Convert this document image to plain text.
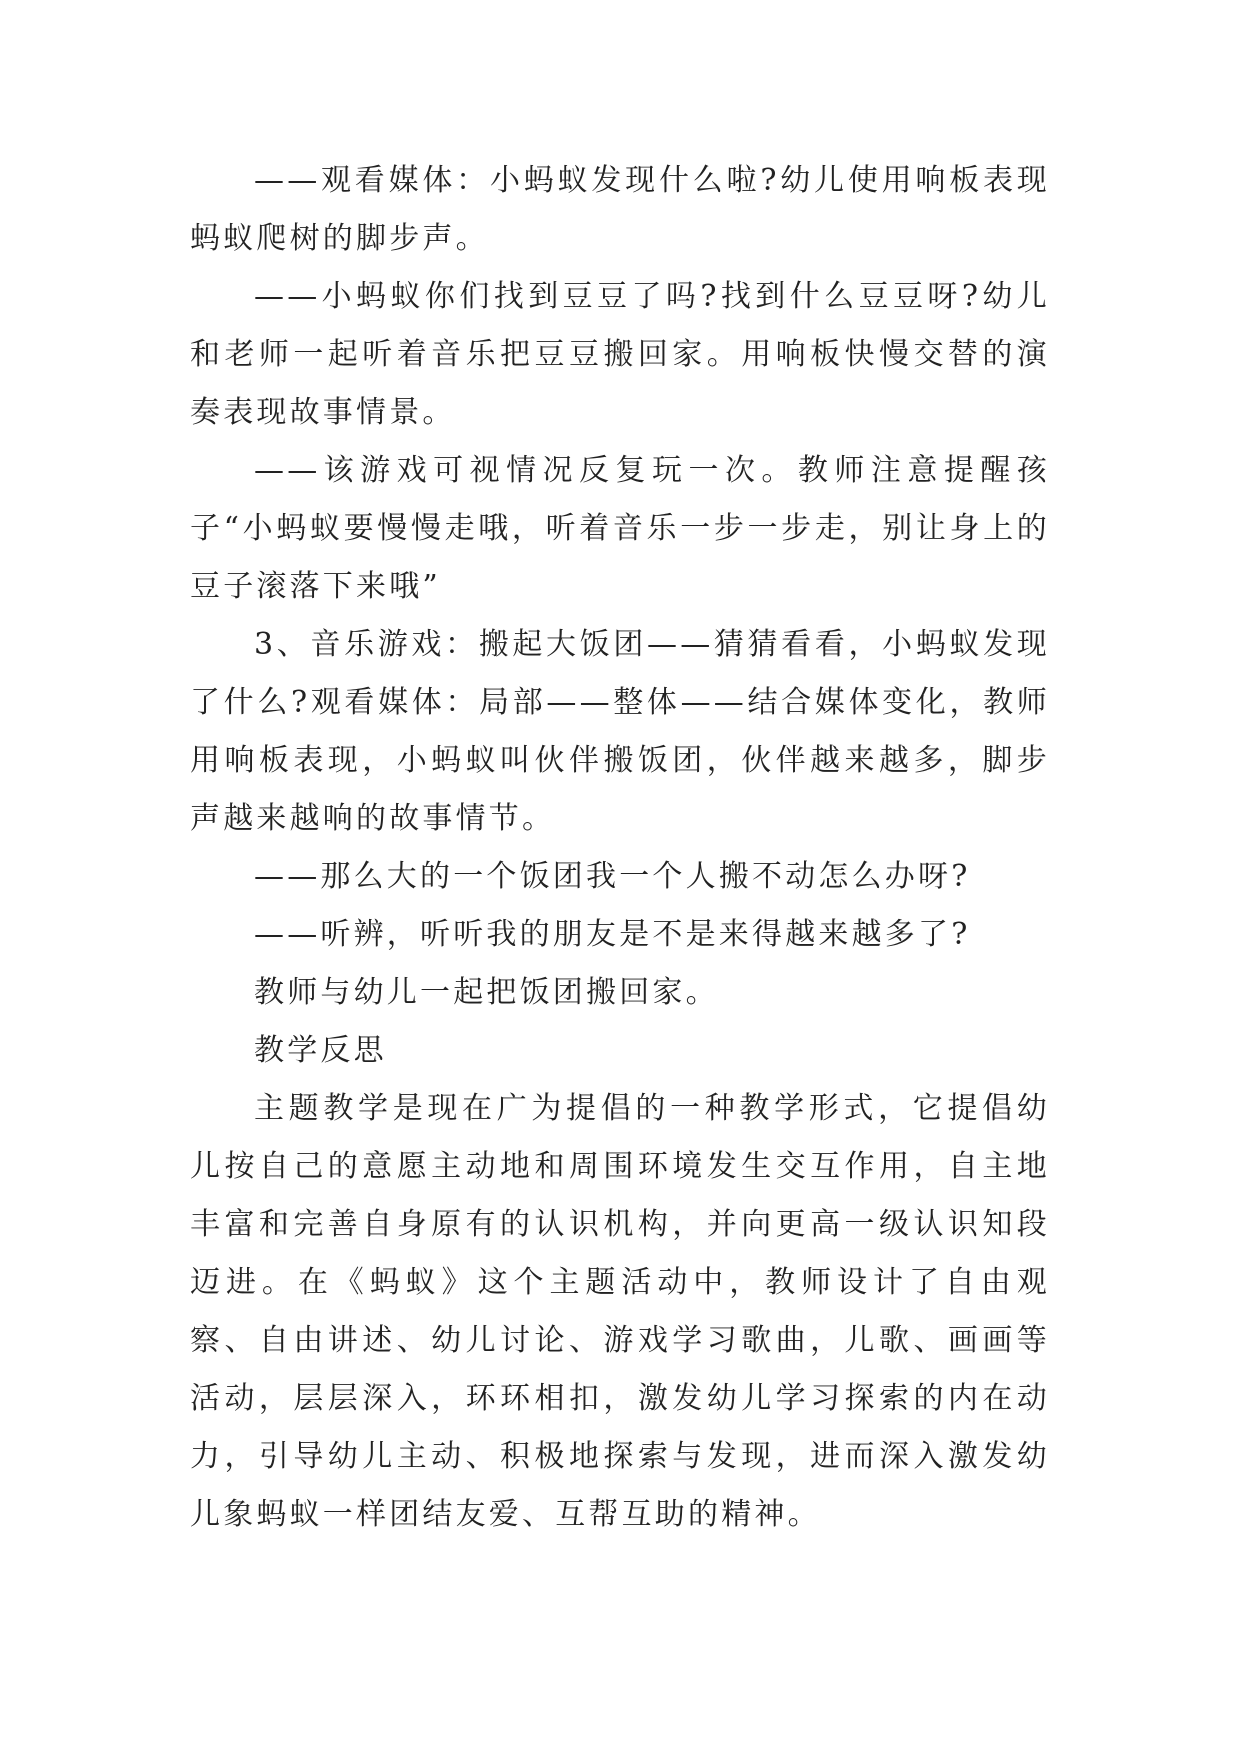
——观看媒体：小蚂蚁发现什么啦?幼儿使用响板表现蚂蚁爬树的脚步声。

——小蚂蚁你们找到豆豆了吗?找到什么豆豆呀?幼儿和老师一起听着音乐把豆豆搬回家。用响板快慢交替的演奏表现故事情景。

——该游戏可视情况反复玩一次。教师注意提醒孩子“小蚂蚁要慢慢走哦，听着音乐一步一步走，别让身上的豆子滚落下来哦”

3、音乐游戏：搬起大饭团——猜猜看看，小蚂蚁发现了什么?观看媒体：局部——整体——结合媒体变化，教师用响板表现，小蚂蚁叫伙伴搬饭团，伙伴越来越多，脚步声越来越响的故事情节。

——那么大的一个饭团我一个人搬不动怎么办呀?

——听辨，听听我的朋友是不是来得越来越多了?

教师与幼儿一起把饭团搬回家。

教学反思

主题教学是现在广为提倡的一种教学形式，它提倡幼儿按自己的意愿主动地和周围环境发生交互作用，自主地丰富和完善自身原有的认识机构，并向更高一级认识知段迈进。在《蚂蚁》这个主题活动中，教师设计了自由观察、自由讲述、幼儿讨论、游戏学习歌曲，儿歌、画画等活动，层层深入，环环相扣，激发幼儿学习探索的内在动力，引导幼儿主动、积极地探索与发现，进而深入激发幼儿象蚂蚁一样团结友爱、互帮互助的精神。
